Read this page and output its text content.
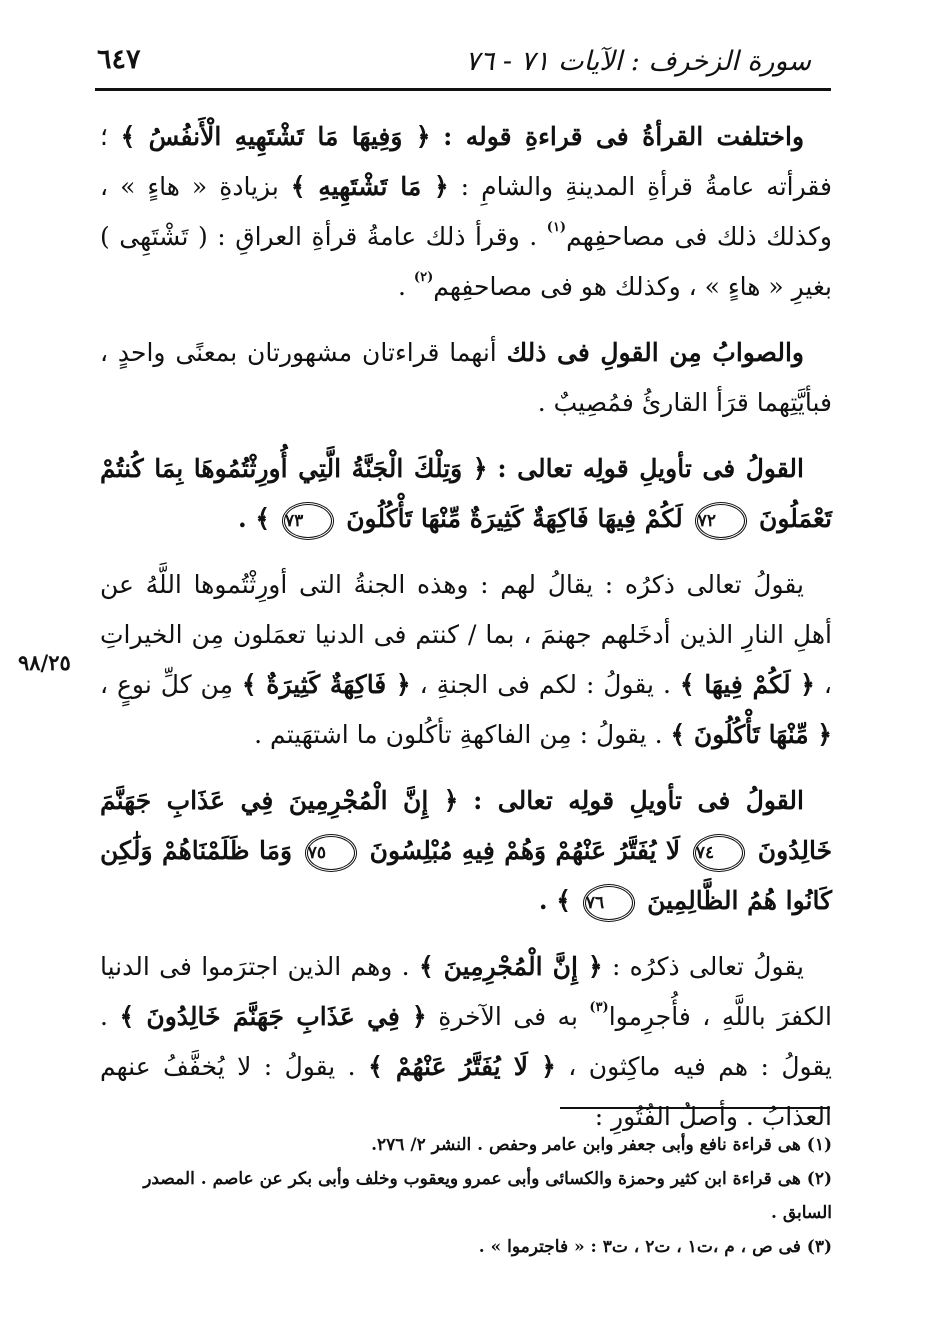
سورة الزخرف : الآيات ٧١ - ٧٦
٦٤٧
٩٨/٢٥

واختلفت القرأةُ فى قراءةِ قوله : ﴿ وَفِيهَا مَا تَشْتَهِيهِ الْأَنفُسُ ﴾ ؛ فقرأته عامةُ قرأةِ المدينةِ والشامِ : ﴿ مَا تَشْتَهِيهِ ﴾ بزيادةِ « هاءٍ » ، وكذلك ذلك فى مصاحفِهم$^{(١)}$ . وقرأ ذلك عامةُ قرأةِ العراقِ : ( تَشْتَهِى ) بغيرِ « هاءٍ » ، وكذلك هو فى مصاحفِهم$^{(٢)}$ .

والصوابُ مِن القولِ فى ذلك أنهما قراءتان مشهورتان بمعنًى واحدٍ ، فبأيَّتِهما قرَأ القارئُ فمُصِيبٌ .

القولُ فى تأويلِ قولِه تعالى : ﴿ وَتِلْكَ الْجَنَّةُ الَّتِي أُورِثْتُمُوهَا بِمَا كُنتُمْ تَعْمَلُونَ ٧٢ لَكُمْ فِيهَا فَاكِهَةٌ كَثِيرَةٌ مِّنْهَا تَأْكُلُونَ ٧٣ ﴾ .

يقولُ تعالى ذكرُه : يقالُ لهم : وهذه الجنةُ التى أورِثْتُموها اللَّهُ عن أهلِ النارِ الذين أدخَلهم جهنمَ ، بما / كنتم فى الدنيا تعمَلون مِن الخيراتِ ، ﴿ لَكُمْ فِيهَا ﴾ . يقولُ : لكم فى الجنةِ ، ﴿ فَاكِهَةٌ كَثِيرَةٌ ﴾ مِن كلِّ نوعٍ ، ﴿ مِّنْهَا تَأْكُلُونَ ﴾ . يقولُ : مِن الفاكهةِ تأكُلون ما اشتهَيتم .

القولُ فى تأويلِ قولِه تعالى : ﴿ إِنَّ الْمُجْرِمِينَ فِي عَذَابِ جَهَنَّمَ خَالِدُونَ ٧٤ لَا يُفَتَّرُ عَنْهُمْ وَهُمْ فِيهِ مُبْلِسُونَ ٧٥ وَمَا ظَلَمْنَاهُمْ وَلَٰكِن كَانُوا هُمُ الظَّالِمِينَ ٧٦ ﴾ .

يقولُ تعالى ذكرُه : ﴿ إِنَّ الْمُجْرِمِينَ ﴾ . وهم الذين اجترَموا فى الدنيا الكفرَ باللَّهِ ، فأُجرِموا$^{(٣)}$ به فى الآخرةِ ﴿ فِي عَذَابِ جَهَنَّمَ خَالِدُونَ ﴾ . يقولُ : هم فيه ماكِثون ، ﴿ لَا يُفَتَّرُ عَنْهُمْ ﴾ . يقولُ : لا يُخفَّفُ عنهم العذابُ . وأصلُ الفُتُورِ :

(١) هى قراءة نافع وأبى جعفر وابن عامر وحفص . النشر ٢/ ٢٧٦.

(٢) هى قراءة ابن كثير وحمزة والكسائى وأبى عمرو ويعقوب وخلف وأبى بكر عن عاصم . المصدر السابق .

(٣) فى ص ، م ،ت١ ، ت٢ ، ت٣ : « فاجترموا » .
